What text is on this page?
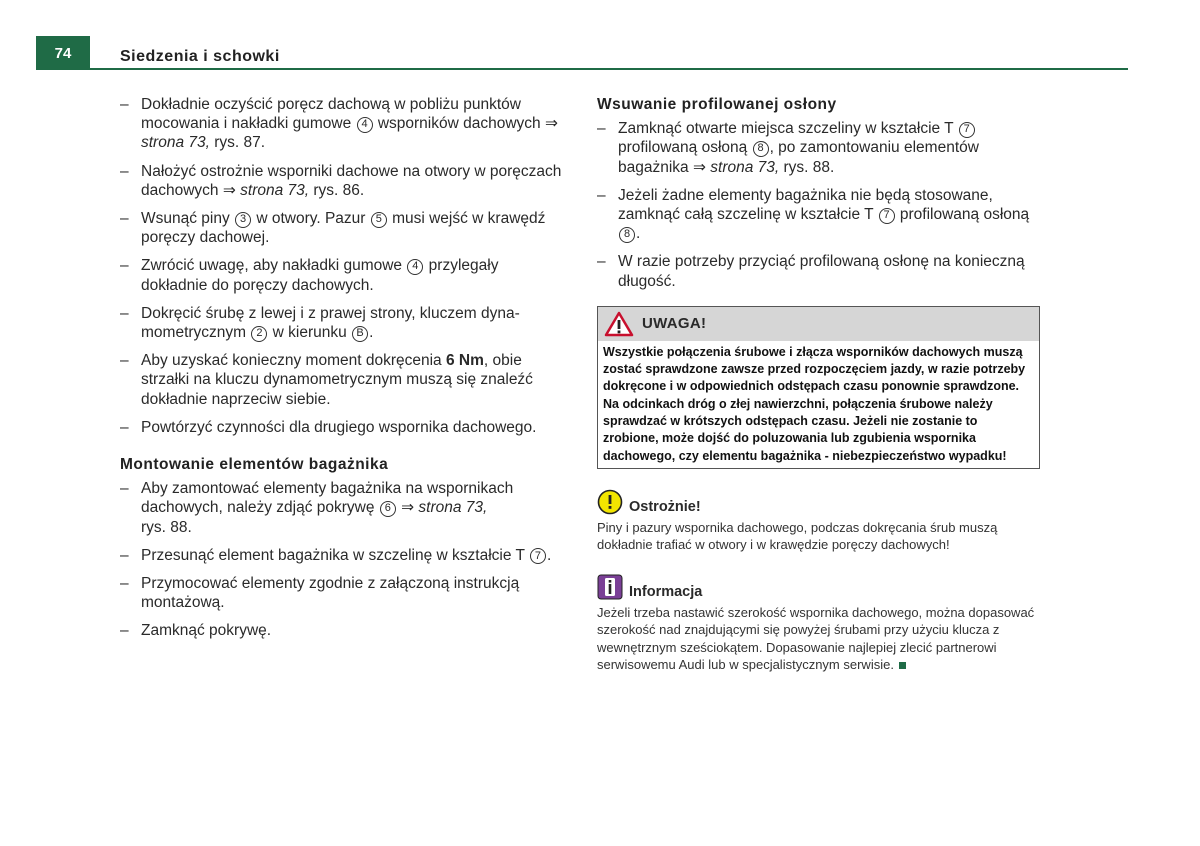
74	Siedzenia i schowki
– Dokładnie oczyścić poręcz dachową w pobliżu punktów mocowania i nakładki gumowe 4 wsporników dachowych ⇒ strona 73, rys. 87.
– Nałożyć ostrożnie wsporniki dachowe na otwory w poręczach dachowych ⇒ strona 73, rys. 86.
– Wsunąć piny 3 w otwory. Pazur 5 musi wejść w krawędź poręczy dachowej.
– Zwrócić uwagę, aby nakładki gumowe 4 przylegały dokładnie do poręczy dachowych.
– Dokręcić śrubę z lewej i z prawej strony, kluczem dynamometrycznym 2 w kierunku B .
– Aby uzyskać konieczny moment dokręcenia 6 Nm, obie strzałki na kluczu dynamometrycznym muszą się znaleźć dokładnie naprzeciw siebie.
– Powtórzyć czynności dla drugiego wspornika dachowego.
Montowanie elementów bagażnika
– Aby zamontować elementy bagażnika na wspornikach dachowych, należy zdjąć pokrywę 6 ⇒ strona 73,
rys. 88.
– Przesunąć element bagażnika w szczelinę w kształcie T 7 .
– Przymocować elementy zgodnie z załączoną instrukcją montażową.
– Zamknąć pokrywę.
Wsuwanie profilowanej osłony
– Zamknąć otwarte miejsca szczeliny w kształcie T 7 profilowaną osłoną 8 , po zamontowaniu elementów bagażnika ⇒ strona 73, rys. 88.
– Jeżeli żadne elementy bagażnika nie będą stosowane, zamknąć całą szczelinę w kształcie T 7 profilowaną osłoną 8 .
– W razie potrzeby przyciąć profilowaną osłonę na konieczną długość.
UWAGA!
Wszystkie połączenia śrubowe i złącza wsporników dachowych muszą zostać sprawdzone zawsze przed rozpoczęciem jazdy, w razie potrzeby dokręcone i w odpowiednich odstępach czasu ponownie sprawdzone. Na odcinkach dróg o złej nawierzchni, połączenia śrubowe należy sprawdzać w krótszych odstępach czasu. Jeżeli nie zostanie to zrobione, może dojść do poluzowania lub zgubienia wspornika dachowego, czy elementu bagażnika - niebezpieczeństwo wypadku!
Ostrożnie!
Piny i pazury wspornika dachowego, podczas dokręcania śrub muszą dokładnie trafiać w otwory i w krawędzie poręczy dachowych!
Informacja
Jeżeli trzeba nastawić szerokość wspornika dachowego, można dopasować szerokość nad znajdującymi się powyżej śrubami przy użyciu klucza z wewnętrznym sześciokątem. Dopasowanie najlepiej zlecić partnerowi serwisowemu Audi lub w specjalistycznym serwisie.
